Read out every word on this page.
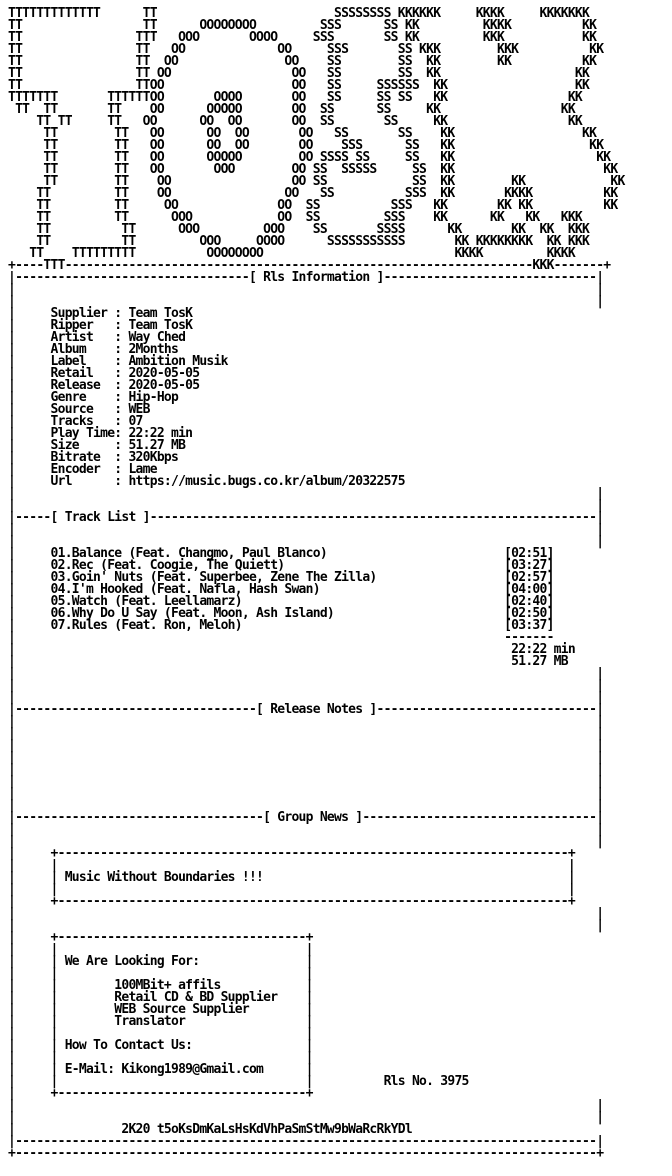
TTTTTTTTTTTTT      TT                         SSSSSSSS KKKKKK     KKKK     KKKKKKK
TT                 TT      OOOOOOOO         SSS      SS KK         KKKK          KK
TT                TTT   OOO       OOOO     SSS       SS KK         KKK           KK
TT                TT   OO             OO     SSS       SS KKK        KKK          KK
TT                TT  OO               OO    SS        SS  KK        KK          KK
TT                TT OO                 OO   SS        SS  KK                   KK
TT                TTOO                  OO   SS     SSSSSS  KK                  KK
TTTTTTT       TTTTTTOO       OOOO       OO   SS     SS SS   KK                 KK
TT  TT       TT    OO      OOOOO       OO  SS      SS     KK                 KK
TT TT     TT   OO      OO  OO       OO  SS       SS     KK                 KK
TT        TT   OO      OO  OO       OO   SS       SS    KK                  KK
TT        TT   OO      OO  OO       OO    SSS      SS   KK                   KK
TT        TT   OO      OOOOO        OO SSSS SS     SS   KK                    KK
TT        TT   OO       OOO        OO SS  SSSSS     SS  KK                     KK
TT        TT    OO                 OO SS            SS  KK        KK            KK
TT         TT    OO                OO   SS          SSS  KK       KKKK          KK
TT         TT     OO              OO  SS          SSS   KK       KK KK          KK
TT         TT      OOO            OO  SS         SSS    KK      KK   KK   KKK
TT          TT      OOO         OOO    SS       SSSS      KK       KK  KK  KKK
TT          TT         OOO     OOOO      SSSSSSSSSSS       KK KKKKKKKK  KK KKK
TT    TTTTTTTTT          OOOOOOOO                           KKKK         KKKK
+----TTT------------------------------------------------------------------KKK-------+
|---------------------------------[ Rls Information ]------------------------------|
|                                                                                  |
|                                                                                  |
|     Supplier : Team TosK
|     Ripper   : Team TosK
|     Artist   : Way Ched
|     Album    : 2Months
|     Label    : Ambition Musik
|     Retail   : 2020-05-05
|     Release  : 2020-05-05
|     Genre    : Hip-Hop
|     Source   : WEB
|     Tracks   : 07
|     Play Time: 22:22 min
|     Size     : 51.27 MB
|     Bitrate  : 320Kbps
|     Encoder  : Lame
|     Url      : https://music.bugs.co.kr/album/20322575
|                                                                                  |
|                                                                                  |
|-----[ Track List ]---------------------------------------------------------------|
|                                                                                  |
|                                                                                  |
|     01.Balance (Feat. Changmo, Paul Blanco)                         [02:51]
|     02.Rec (Feat. Coogie, The Quiett)                               [03:27]
|     03.Goin' Nuts (Feat. Superbee, Zene The Zilla)                  [02:57]
|     04.I'm Hooked (Feat. Nafla, Hash Swan)                          [04:00]
|     05.Watch (Feat. Leellamarz)                                     [02:40]
|     06.Why Do U Say (Feat. Moon, Ash Island)                        [02:50]
|     07.Rules (Feat. Ron, Meloh)                                     [03:37]
|                                                                     -------
|                                                                      22:22 min
|                                                                      51.27 MB
|                                                                                  |
|                                                                                  |
|                                                                                  |
|----------------------------------[ Release Notes ]-------------------------------|
|                                                                                  |
|                                                                                  |
|                                                                                  |
|                                                                                  |
|                                                                                  |
|                                                                                  |
|                                                                                  |
|                                                                                  |
|-----------------------------------[ Group News ]---------------------------------|
|                                                                                  |
|                                                                                  |
|     +------------------------------------------------------------------------+
|     |                                                                        |
|     | Music Without Boundaries !!!                                           |
|     |                                                                        |
|     +------------------------------------------------------------------------+
|                                                                                  |
|                                                                                  |
|     +-----------------------------------+
|     |                                   |
|     | We Are Looking For:               |
|     |                                   |
|     |        100MBit+ affils            |
|     |        Retail CD & BD Supplier    |
|     |        WEB Source Supplier        |
|     |        Translator                 |
|     |                                   |
|     | How To Contact Us:                |
|     |                                   |
|     | E-Mail: Kikong1989@Gmail.com      |
|     |                                   |          Rls No. 3975
|     +-----------------------------------+
|                                                                                  |
|                                                                                  |
|               2K20 t5oKsDmKaLsHsKdVhPaSmStMw9bWaRcRkYDl
|----------------------------------------------------------------------------------|
+----------------------------------------------------------------------------------+
